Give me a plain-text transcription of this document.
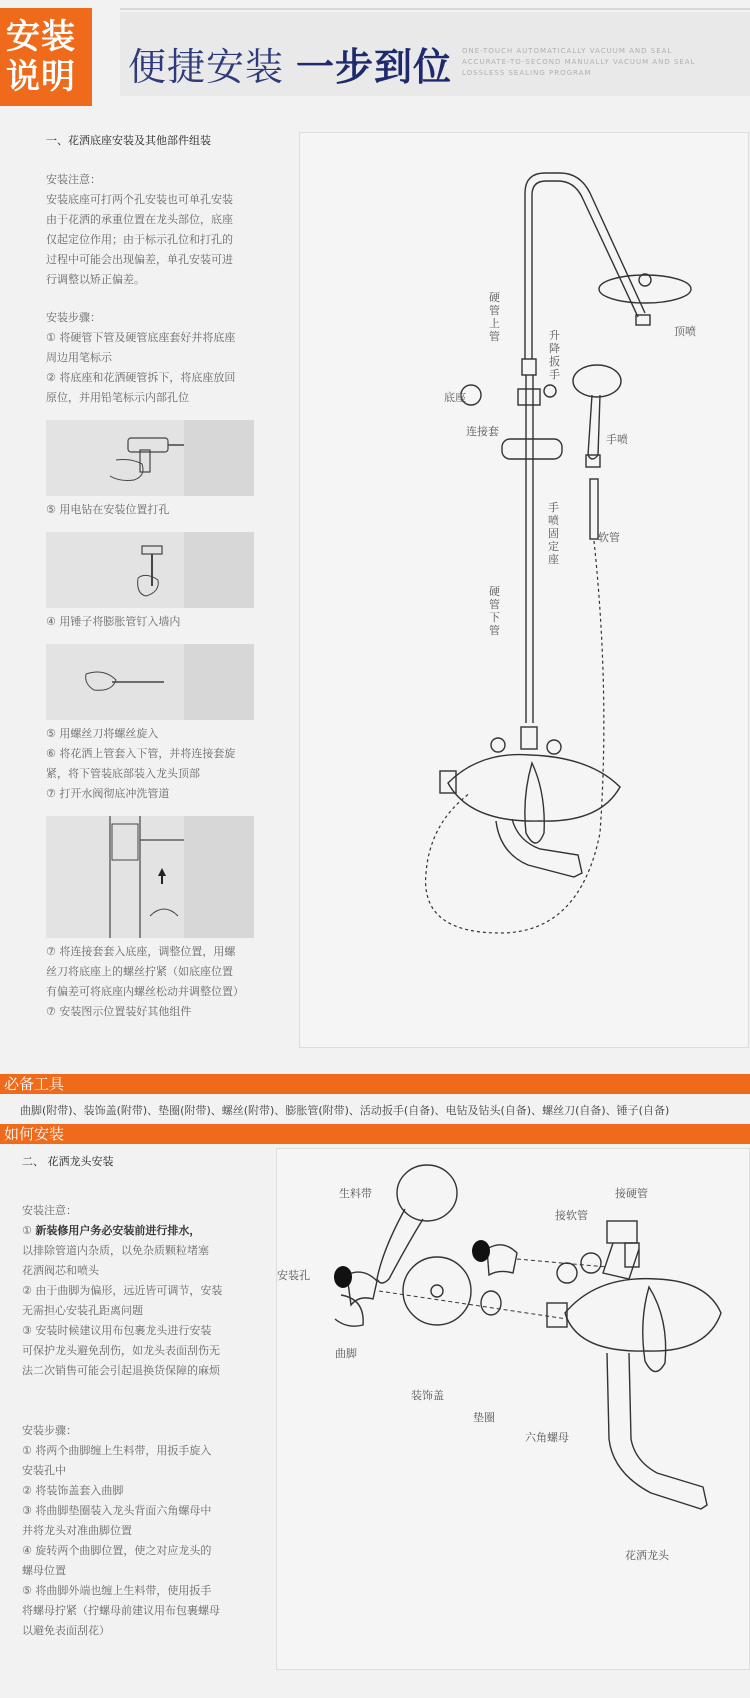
安装
说明	便捷安装 一步到位 ONE-TOUCH AUTOMATICALLY VACUUM AND SEAL
ACCURATE-TO-SECOND MANUALLY VACUUM AND SEAL
LOSSLESS SEALING PROGRAM
一、花洒底座安装及其他部件组装

安装注意：

安装底座可打两个孔安装也可单孔安装

由于花洒的承重位置在龙头部位，底座

仅起定位作用；由于标示孔位和打孔的

过程中可能会出现偏差，单孔安装可进

行调整以矫正偏差。

安装步骤：

① 将硬管下管及硬管底座套好并将底座

周边用笔标示

② 将底座和花洒硬管拆下，将底座放回

原位，并用铅笔标示内部孔位

⑤ 用电钻在安装位置打孔
④ 用锤子将膨胀管钉入墙内

⑤ 用螺丝刀将螺丝旋入

⑥ 将花洒上管套入下管，并将连接套旋

紧，将下管装底部装入龙头顶部

⑦ 打开水阀彻底冲洗管道

⑦ 将连接套套入底座，调整位置，用螺

丝刀将底座上的螺丝拧紧（如底座位置

有偏差可将底座内螺丝松动并调整位置）

⑦ 安装图示位置装好其他组件

硬管上管	升降扳手
顶喷
底座
连接套
手喷
手喷固定座
软管
硬管下管
必备工具
曲脚(附带)、装饰盖(附带)、垫圈(附带)、螺丝(附带)、膨胀管(附带)、活动扳手(自备)、电钻及钻头(自备)、螺丝刀(自备)、锤子(自备)
如何安装
二、 花洒龙头安装

安装注意：

① 新装修用户务必安装前进行排水，

以排除管道内杂质，以免杂质颗粒堵塞

花洒阀芯和喷头

② 由于曲脚为偏形，远近皆可调节，安装

无需担心安装孔距离问题

③ 安装时候建议用布包裹龙头进行安装

可保护龙头避免刮伤，如龙头表面刮伤无

法二次销售可能会引起退换货保障的麻烦

安装步骤：

① 将两个曲脚缠上生料带，用扳手旋入

安装孔中

② 将装饰盖套入曲脚

③ 将曲脚垫圈装入龙头背面六角螺母中

并将龙头对准曲脚位置

④ 旋转两个曲脚位置，使之对应龙头的

螺母位置

⑤ 将曲脚外端也缠上生料带，使用扳手

将螺母拧紧（拧螺母前建议用布包裹螺母

以避免表面刮花）

生料带	接硬管
接软管
安装孔
曲脚
装饰盖
垫圈
六角螺母
花洒龙头
